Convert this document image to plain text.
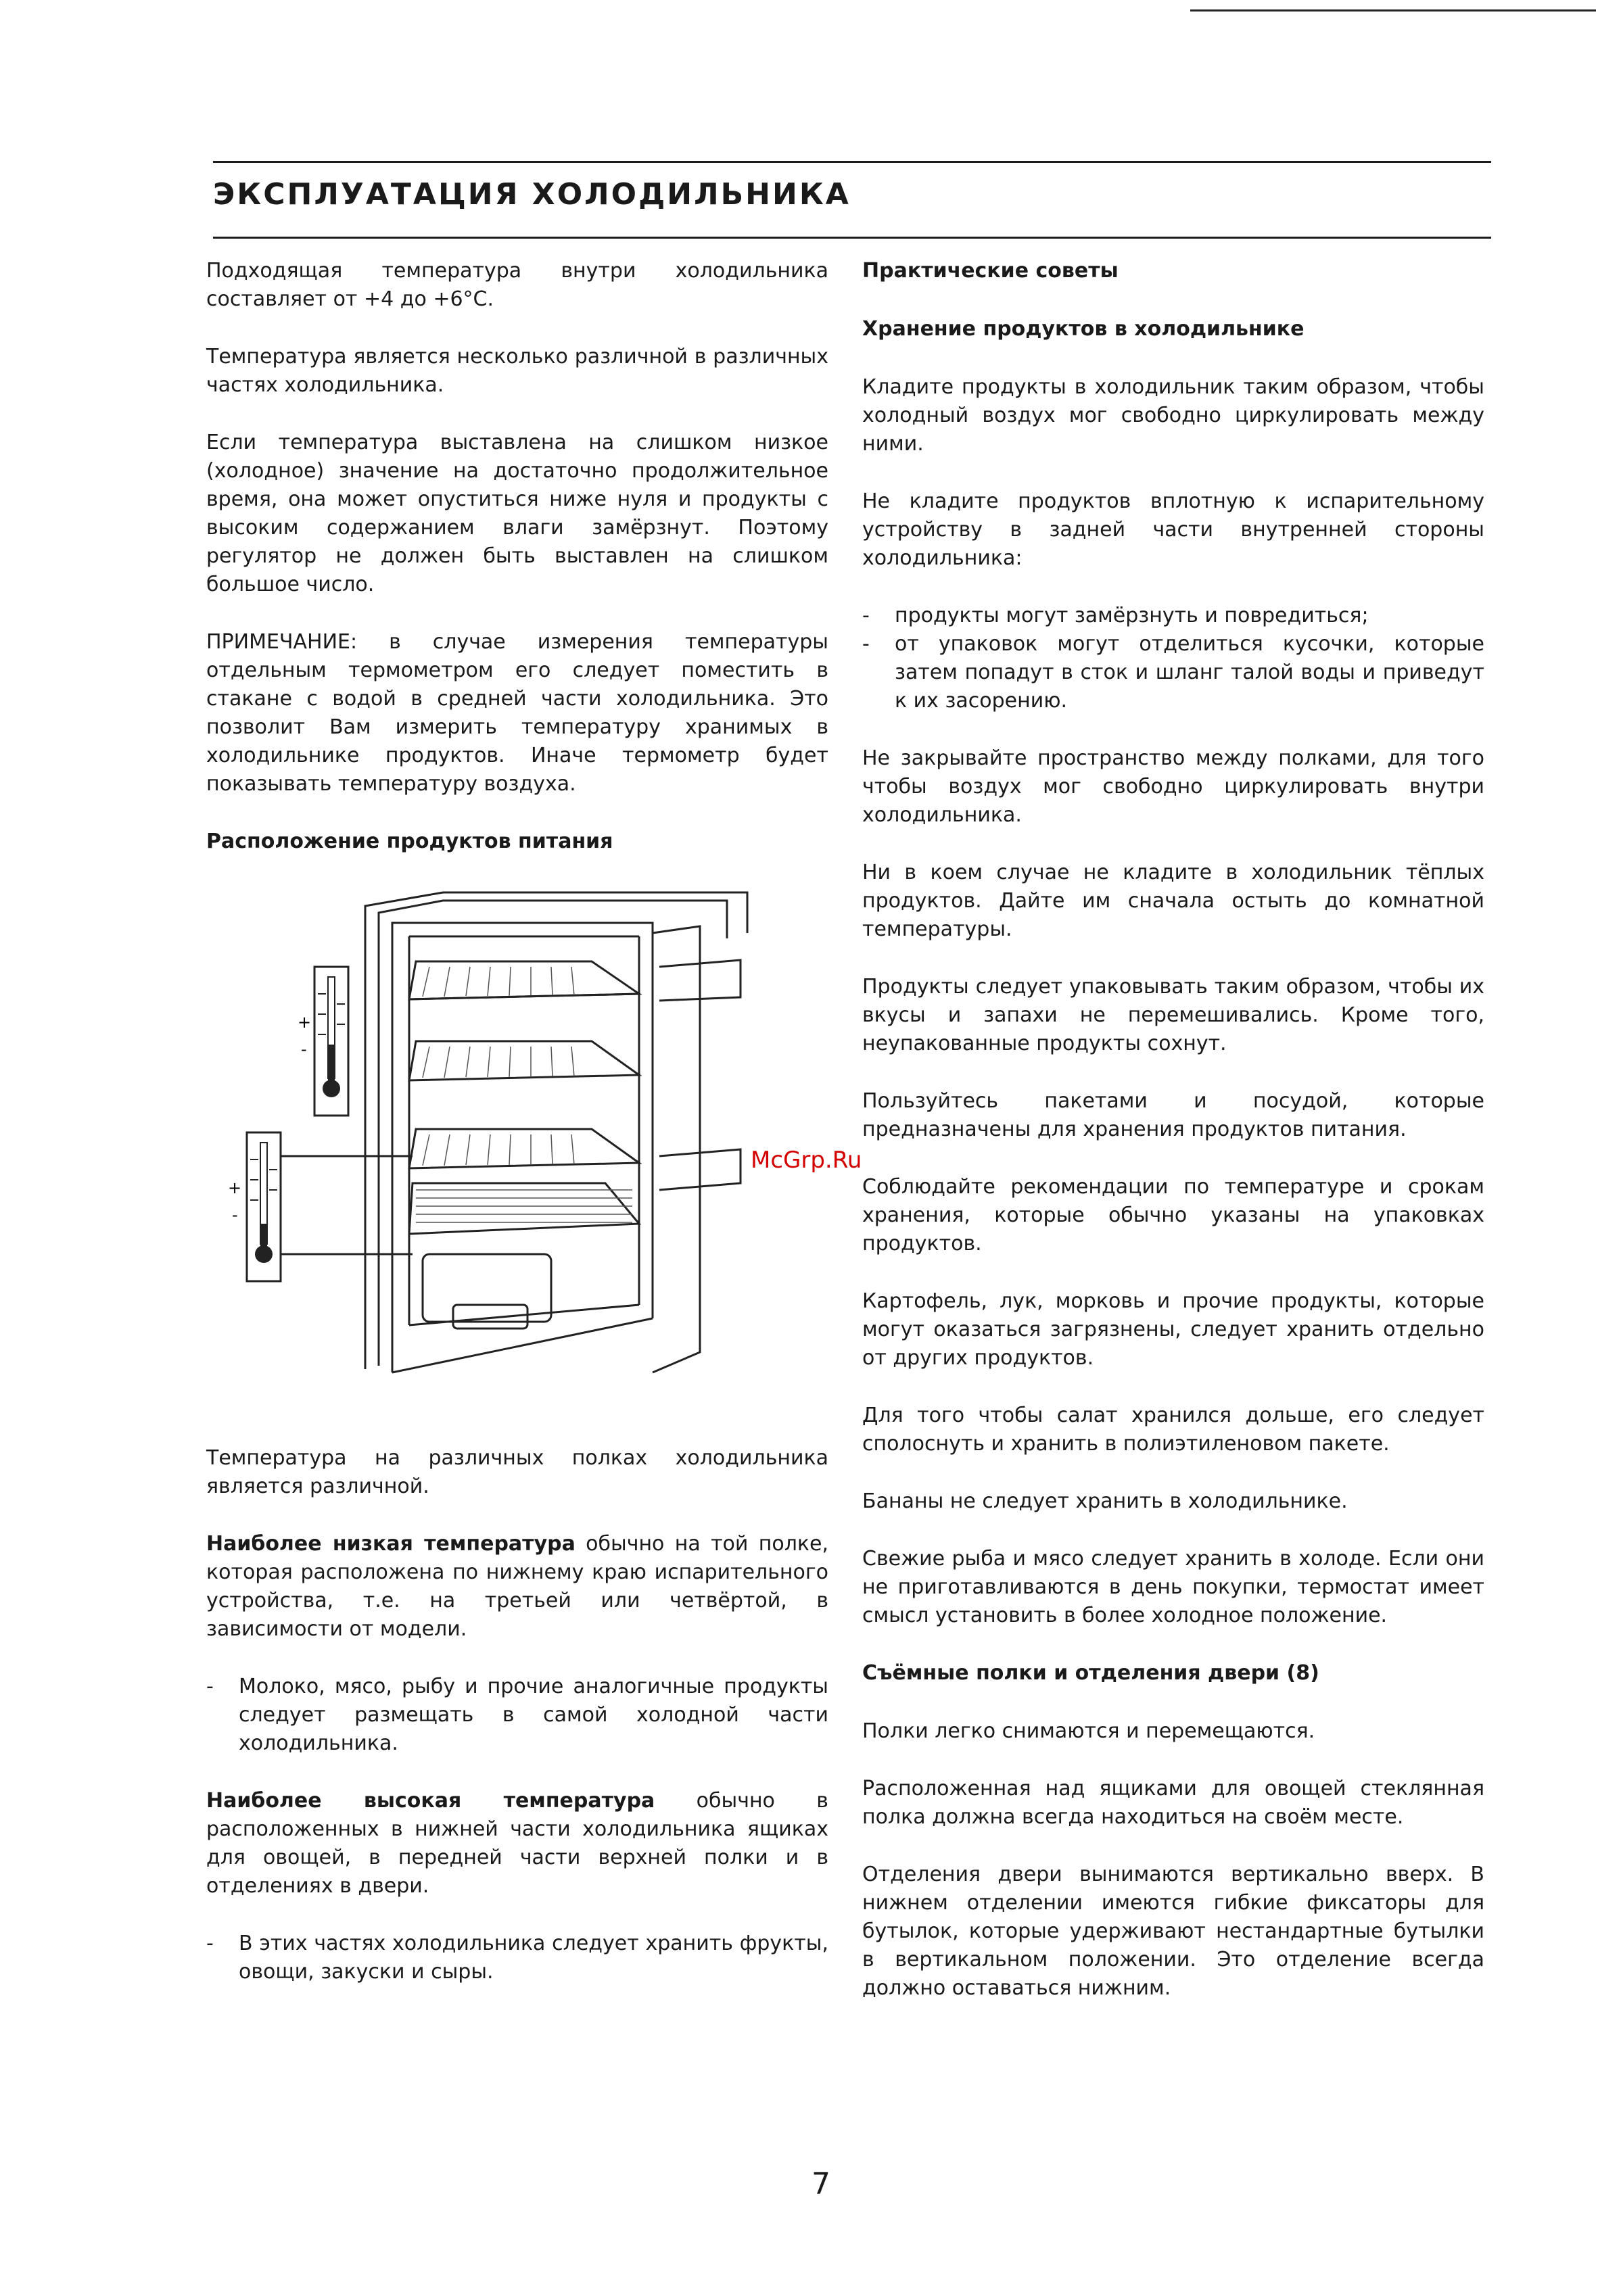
ЭКСПЛУАТАЦИЯ ХОЛОДИЛЬНИКА

Подходящая температура внутри холодильника составляет от +4 до +6°С.

Температура является несколько различной в различных частях холодильника.

Если температура выставлена на слишком низкое (холодное) значение на достаточно продолжительное время, она может опуститься ниже нуля и продукты с высоким содержанием влаги замёрзнут. Поэтому регулятор не должен быть выставлен на слишком большое число.

ПРИМЕЧАНИЕ: в случае измерения температуры отдельным термометром его следует поместить в стакане с водой в средней части холодильника. Это позволит Вам измерить температуру хранимых в холодильнике продуктов. Иначе термометр будет показывать температуру воздуха.

Расположение продуктов питания
+
-
+
-

Температура на различных полках холодильника является различной.

Наиболее низкая температура обычно на той полке, которая расположена по нижнему краю испарительного устройства, т.е. на третьей или четвёртой, в зависимости от модели.

- Молоко, мясо, рыбу и прочие аналогичные продукты следует размещать в самой холодной части холодильника.

Наиболее высокая температура обычно в расположенных в нижней части холодильника ящиках для овощей, в передней части верхней полки и в отделениях в двери.

- В этих частях холодильника следует хранить фрукты, овощи, закуски и сыры.
Практические советы
Хранение продуктов в холодильнике

Кладите продукты в холодильник таким образом, чтобы холодный воздух мог свободно циркулировать между ними.

Не кладите продуктов вплотную к испарительному устройству в задней части внутренней стороны холодильника:

- продукты могут замёрзнуть и повредиться;
- от упаковок могут отделиться кусочки, которые затем попадут в сток и шланг талой воды и приведут к их засорению.

Не закрывайте пространство между полками, для того чтобы воздух мог свободно циркулировать внутри холодильника.

Ни в коем случае не кладите в холодильник тёплых продуктов. Дайте им сначала остыть до комнатной температуры.

Продукты следует упаковывать таким образом, чтобы их вкусы и запахи не перемешивались. Кроме того, неупакованные продукты сохнут.

Пользуйтесь пакетами и посудой, которые предназначены для хранения продуктов питания.

Соблюдайте рекомендации по температуре и срокам хранения, которые обычно указаны на упаковках продуктов.

Картофель, лук, морковь и прочие продукты, которые могут оказаться загрязнены, следует хранить отдельно от других продуктов.

Для того чтобы салат хранился дольше, его следует сполоснуть и хранить в полиэтиленовом пакете.

Бананы не следует хранить в холодильнике.

Свежие рыба и мясо следует хранить в холоде. Если они не приготавливаются в день покупки, термостат имеет смысл установить в более холодное положение.

Съёмные полки и отделения двери (8)

Полки легко снимаются и перемещаются.

Расположенная над ящиками для овощей стеклянная полка должна всегда находиться на своём месте.

Отделения двери вынимаются вертикально вверх. В нижнем отделении имеются гибкие фиксаторы для бутылок, которые удерживают нестандартные бутылки в вертикальном положении. Это отделение всегда должно оставаться нижним.

McGrp.Ru
7
